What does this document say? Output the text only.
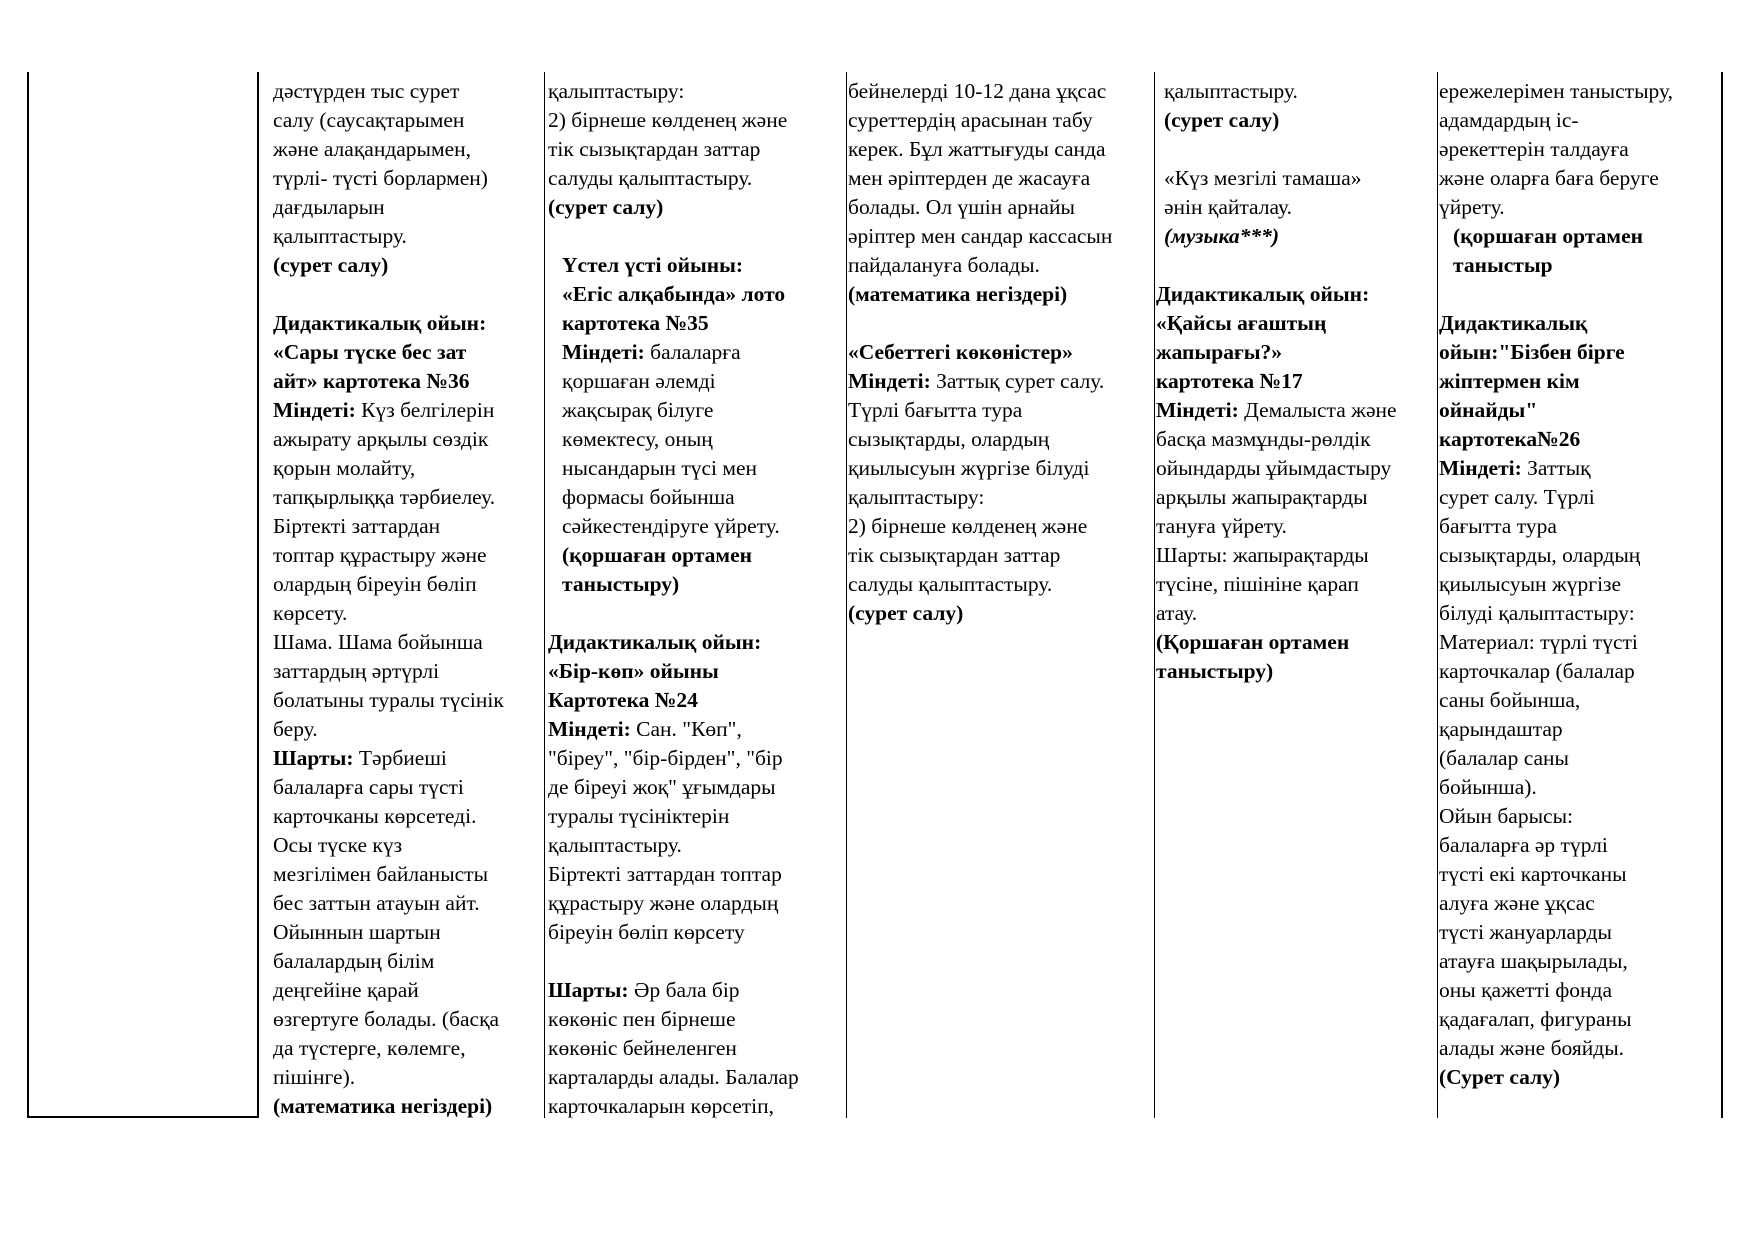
дәстүрден тыс сурет

салу (саусақтарымен

және алақандарымен,

түрлі- түсті борлармен)

дағдыларын

қалыптастыру.

(сурет салу)

Дидактикалық ойын:

«Сары түске бес зат

айт» картотека №36

Міндеті: Күз белгілерін

ажырату арқылы сөздік

қорын молайту,

тапқырлыққа тәрбиелеу.

Біртекті заттардан

топтар құрастыру және

олардың біреуін бөліп

көрсету.

Шама. Шама бойынша

заттардың әртүрлі

болатыны туралы түсінік

беру.

Шарты: Тәрбиеші

балаларға сары түсті

карточканы көрсетеді.

Осы түске күз

мезгілімен байланысты

бес заттын атауын айт.

Ойыннын шартын

балалардың білім

деңгейіне қарай

өзгертуге болады. (басқа

да түстерге, көлемге,

пішінге).

(математика негіздері)

қалыптастыру:

2) бірнеше көлденең және

тік сызықтардан заттар

салуды қалыптастыру.

(сурет салу)

Үстел үсті ойыны:

«Егіс алқабында» лото

картотека №35

Міндеті: балаларға

қоршаған әлемді

жақсырақ білуге

көмектесу, оның

нысандарын түсі мен

формасы бойынша

сәйкестендіруге үйрету.

(қоршаған ортамен

таныстыру)

Дидактикалық ойын:

«Бір-көп» ойыны

Картотека №24

Міндеті: Сан. "Көп",

"біреу", "бір-бірден", "бір

де біреуі жоқ" ұғымдары

туралы түсініктерін

қалыптастыру.

Біртекті заттардан топтар

құрастыру және олардың

біреуін бөліп көрсету

Шарты: Әр бала бір

көкөніс пен бірнеше

көкөніс бейнеленген

карталарды алады. Балалар

карточкаларын көрсетіп,

бейнелерді 10-12 дана ұқсас

суреттердің арасынан табу

керек. Бұл жаттығуды санда

мен әріптерден де жасауға

болады. Ол үшін арнайы

әріптер мен сандар кассасын

пайдалануға болады.

(математика негіздері)

«Себеттегі көкөністер»

Міндеті: Заттық сурет салу.

Түрлі бағытта тура

сызықтарды, олардың

қиылысуын жүргізе білуді

қалыптастыру:

2) бірнеше көлденең және

тік сызықтардан заттар

салуды қалыптастыру.

(сурет салу)

қалыптастыру.

(сурет салу)

«Күз мезгілі тамаша»

әнін қайталау.

(музыка***)

Дидактикалық ойын:

«Қайсы ағаштың

жапырағы?»

картотека №17

Міндеті: Демалыста және

басқа мазмұнды-рөлдік

ойындарды ұйымдастыру

арқылы жапырақтарды

тануға үйрету.

Шарты: жапырақтарды

түсіне, пішініне қарап

атау.

(Қоршаған ортамен

таныстыру)

ережелерімен таныстыру,

адамдардың іс-

әрекеттерін талдауға

және оларға баға беруге

үйрету.

(қоршаған ортамен

таныстыр

Дидактикалық

ойын:"Бізбен бірге

жіптермен кім

ойнайды"

картотека№26

Міндеті: Заттық

сурет салу. Түрлі

бағытта тура

сызықтарды, олардың

қиылысуын жүргізе

білуді қалыптастыру:

Материал: түрлі түсті

карточкалар (балалар

саны бойынша,

қарындаштар

(балалар саны

бойынша).

Ойын барысы:

балаларға әр түрлі

түсті екі карточканы

алуға және ұқсас

түсті жануарларды

атауға шақырылады,

оны қажетті фонда

қадағалап, фигураны

алады және бояйды.

(Сурет салу)
